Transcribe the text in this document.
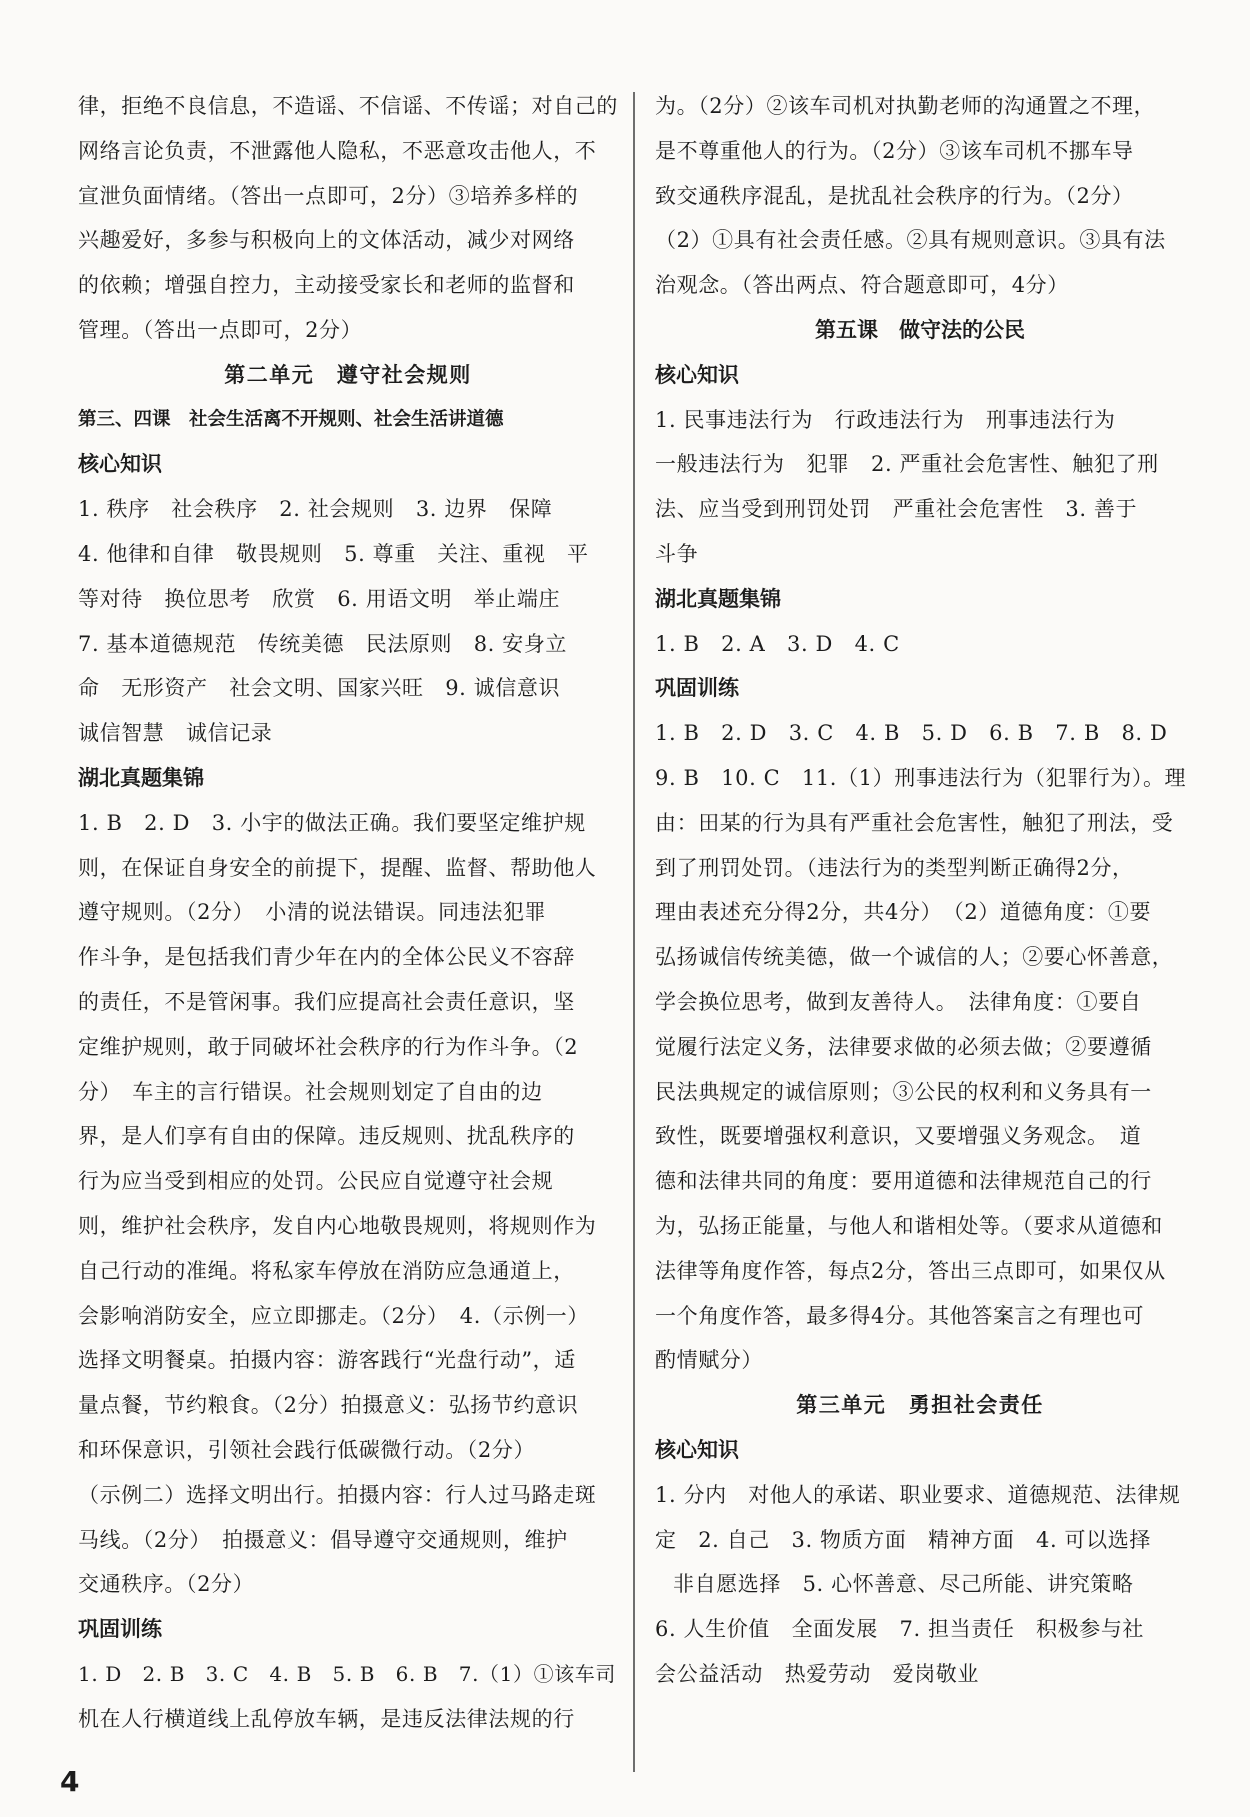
律，拒绝不良信息，不造谣、不信谣、不传谣；对自己的
网络言论负责，不泄露他人隐私，不恶意攻击他人，不
宣泄负面情绪。（答出一点即可，2分）③培养多样的
兴趣爱好，多参与积极向上的文体活动，减少对网络
的依赖；增强自控力，主动接受家长和老师的监督和
管理。（答出一点即可，2分）
第二单元　遵守社会规则
第三、四课　社会生活离不开规则、社会生活讲道德
核心知识
1. 秩序　社会秩序　2. 社会规则　3. 边界　保障
4. 他律和自律　敬畏规则　5. 尊重　关注、重视　平
等对待　换位思考　欣赏　6. 用语文明　举止端庄
7. 基本道德规范　传统美德　民法原则　8. 安身立
命　无形资产　社会文明、国家兴旺　9. 诚信意识
诚信智慧　诚信记录
湖北真题集锦
1. B　2. D　3. 小宇的做法正确。我们要坚定维护规
则，在保证自身安全的前提下，提醒、监督、帮助他人
遵守规则。（2分）　小清的说法错误。同违法犯罪
作斗争，是包括我们青少年在内的全体公民义不容辞
的责任，不是管闲事。我们应提高社会责任意识，坚
定维护规则，敢于同破坏社会秩序的行为作斗争。（2
分）　车主的言行错误。社会规则划定了自由的边
界，是人们享有自由的保障。违反规则、扰乱秩序的
行为应当受到相应的处罚。公民应自觉遵守社会规
则，维护社会秩序，发自内心地敬畏规则，将规则作为
自己行动的准绳。将私家车停放在消防应急通道上，
会影响消防安全，应立即挪走。（2分）　4.（示例一）
选择文明餐桌。拍摄内容：游客践行“光盘行动”，适
量点餐，节约粮食。（2分）拍摄意义：弘扬节约意识
和环保意识，引领社会践行低碳微行动。（2分）
（示例二）选择文明出行。拍摄内容：行人过马路走斑
马线。（2分）　拍摄意义：倡导遵守交通规则，维护
交通秩序。（2分）
巩固训练
1. D　2. B　3. C　4. B　5. B　6. B　7.（1）①该车司
机在人行横道线上乱停放车辆，是违反法律法规的行
为。（2分）②该车司机对执勤老师的沟通置之不理，
是不尊重他人的行为。（2分）③该车司机不挪车导
致交通秩序混乱，是扰乱社会秩序的行为。（2分）
（2）①具有社会责任感。②具有规则意识。③具有法
治观念。（答出两点、符合题意即可，4分）
第五课　做守法的公民
核心知识
1. 民事违法行为　行政违法行为　刑事违法行为
一般违法行为　犯罪　2. 严重社会危害性、触犯了刑
法、应当受到刑罚处罚　严重社会危害性　3. 善于
斗争
湖北真题集锦
1. B　2. A　3. D　4. C
巩固训练
1. B　2. D　3. C　4. B　5. D　6. B　7. B　8. D
9. B　10. C　11.（1）刑事违法行为（犯罪行为）。理
由：田某的行为具有严重社会危害性，触犯了刑法，受
到了刑罚处罚。（违法行为的类型判断正确得2分，
理由表述充分得2分，共4分）　（2）道德角度：①要
弘扬诚信传统美德，做一个诚信的人；②要心怀善意，
学会换位思考，做到友善待人。　法律角度：①要自
觉履行法定义务，法律要求做的必须去做；②要遵循
民法典规定的诚信原则；③公民的权利和义务具有一
致性，既要增强权利意识，又要增强义务观念。　道
德和法律共同的角度：要用道德和法律规范自己的行
为，弘扬正能量，与他人和谐相处等。（要求从道德和
法律等角度作答，每点2分，答出三点即可，如果仅从
一个角度作答，最多得4分。其他答案言之有理也可
酌情赋分）
第三单元　勇担社会责任
核心知识
1. 分内　对他人的承诺、职业要求、道德规范、法律规
定　2. 自己　3. 物质方面　精神方面　4. 可以选择
非自愿选择　5. 心怀善意、尽己所能、讲究策略
6. 人生价值　全面发展　7. 担当责任　积极参与社
会公益活动　热爱劳动　爱岗敬业
4
